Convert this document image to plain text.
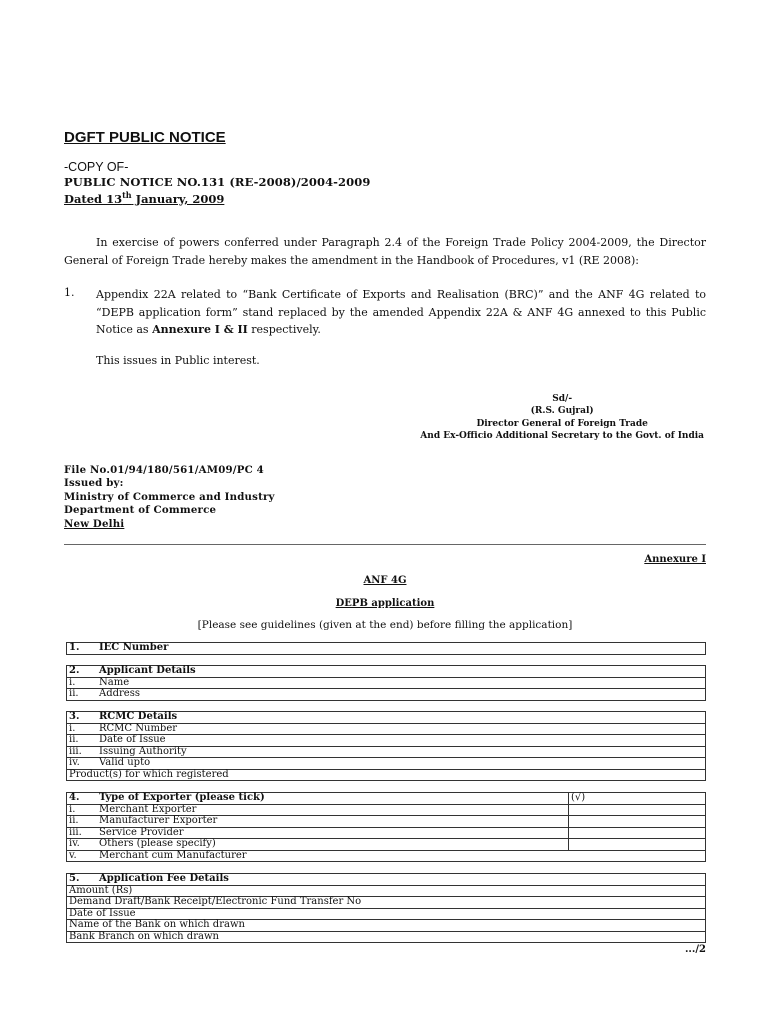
DGFT PUBLIC NOTICE
-COPY OF-
PUBLIC NOTICE NO.131 (RE-2008)/2004-2009
Dated 13th January, 2009
In exercise of powers conferred under Paragraph 2.4 of the Foreign Trade Policy 2004-2009, the Director General of Foreign Trade hereby makes the amendment in the Handbook of Procedures, v1 (RE 2008):
1. Appendix 22A related to “Bank Certificate of Exports and Realisation (BRC)” and the ANF 4G related to “DEPB application form” stand replaced by the amended Appendix 22A & ANF 4G annexed to this Public Notice as Annexure I & II respectively.
This issues in Public interest.
Sd/-
(R.S. Gujral)
Director General of Foreign Trade
And Ex-Officio Additional Secretary to the Govt. of India
File No.01/94/180/561/AM09/PC 4
Issued by:
Ministry of Commerce and Industry
Department of Commerce
New Delhi
Annexure I
ANF 4G
DEPB application
[Please see guidelines (given at the end) before filling the application]
1.	IEC Number
2.	Applicant Details
i.	Name
ii.	Address
3.	RCMC Details
i.	RCMC Number
ii.	Date of Issue
iii.	Issuing Authority
iv.	Valid upto
Product(s) for which registered	
4.	Type of Exporter (please tick)	(√)
i.	Merchant Exporter	
ii.	Manufacturer Exporter	
iii.	Service Provider	
iv.	Others (please specify)	
v.	Merchant cum Manufacturer	
5.	Application Fee Details
Amount (Rs)
Demand Draft/Bank Receipt/Electronic Fund Transfer No
Date of Issue
Name of the Bank on which drawn
Bank Branch on which drawn
.../2
